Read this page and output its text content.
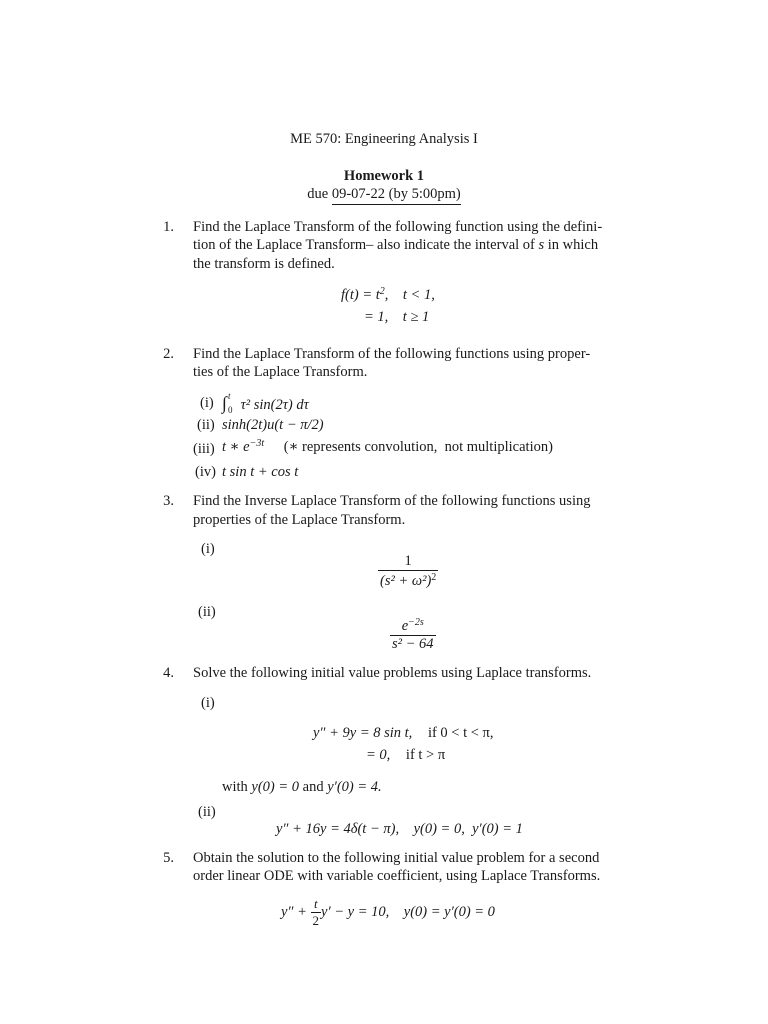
ME 570: Engineering Analysis I
Homework 1
due 09-07-22 (by 5:00pm)
1. Find the Laplace Transform of the following function using the defini-
tion of the Laplace Transform– also indicate the interval of s in which
the transform is defined.
$f(t) = t^2$,    t < 1,
= 1,    t ≥ 1
2. Find the Laplace Transform of the following functions using proper-
ties of the Laplace Transform.
(i) ∫ t
0 τ² sin(2τ) dτ
(ii) sinh(2t)u(t − π/2)
(iii) t ∗ $e^{-3t}$ (∗ represents convolution,  not multiplication)
(iv) t sin t + cos t
3. Find the Inverse Laplace Transform of the following functions using
properties of the Laplace Transform.
(i)
$\frac{1}{(s^2 + \omega^2)^2}$
(ii)
$\frac{e^{-2s}}{\text{s² − 64}}$
4. Solve the following initial value problems using Laplace transforms.
(i)
y″ + 9y = 8 sin t, if 0 < t < π,
= 0, if t > π
with y(0) = 0 and y′(0) = 4.
(ii)
y″ + 16y = 4δ(t − π),    y(0) = 0,  y′(0) = 1
5. Obtain the solution to the following initial value problem for a second
order linear ODE with variable coefficient, using Laplace Transforms.
$y'' + \frac{t}{2} y' - y = 10$,    y(0) = y′(0) = 0
